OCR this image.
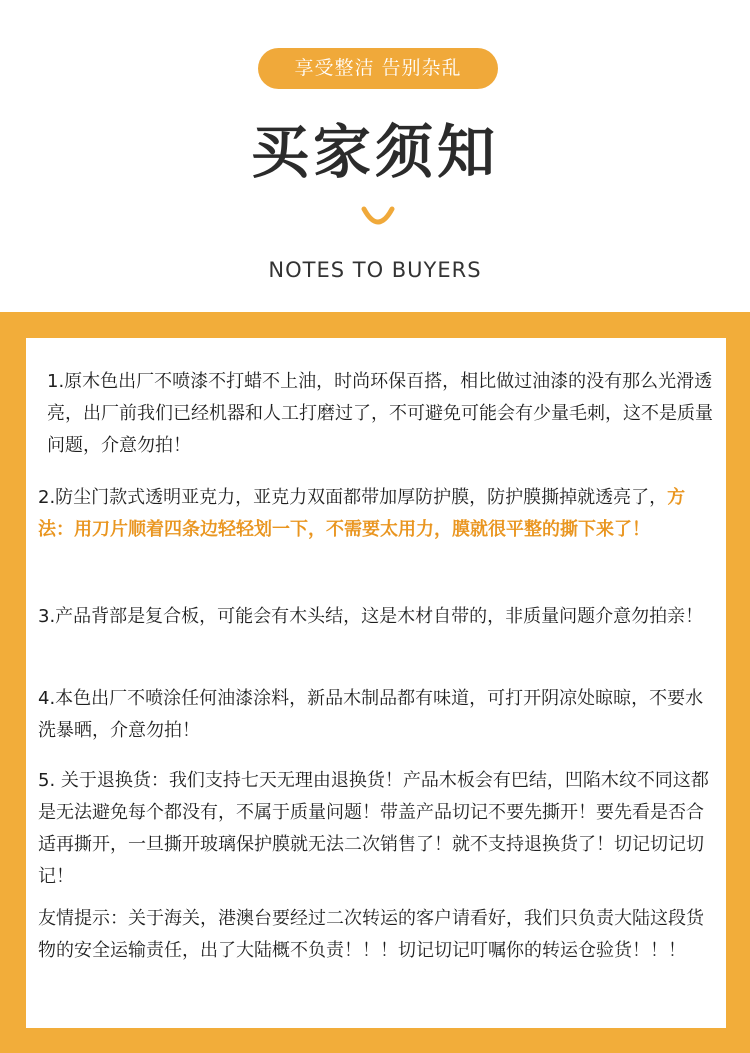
享受整洁 告别杂乱
买家须知
NOTES TO BUYERS
1.原木色出厂不喷漆不打蜡不上油，时尚环保百搭，相比做过油漆的没有那么光滑透亮，出厂前我们已经机器和人工打磨过了，不可避免可能会有少量毛刺，这不是质量问题，介意勿拍！
2.防尘门款式透明亚克力，亚克力双面都带加厚防护膜，防护膜撕掉就透亮了，方法：用刀片顺着四条边轻轻划一下，不需要太用力，膜就很平整的撕下来了！
3.产品背部是复合板，可能会有木头结，这是木材自带的，非质量问题介意勿拍亲！
4.本色出厂不喷涂任何油漆涂料，新品木制品都有味道，可打开阴凉处晾晾，不要水洗暴晒，介意勿拍！
5. 关于退换货：我们支持七天无理由退换货！产品木板会有巴结，凹陷木纹不同这都是无法避免每个都没有，不属于质量问题！带盖产品切记不要先撕开！要先看是否合适再撕开，一旦撕开玻璃保护膜就无法二次销售了！就不支持退换货了！切记切记切记！
友情提示：关于海关，港澳台要经过二次转运的客户请看好，我们只负责大陆这段货物的安全运输责任，出了大陆概不负责！！！切记切记叮嘱你的转运仓验货！！！
